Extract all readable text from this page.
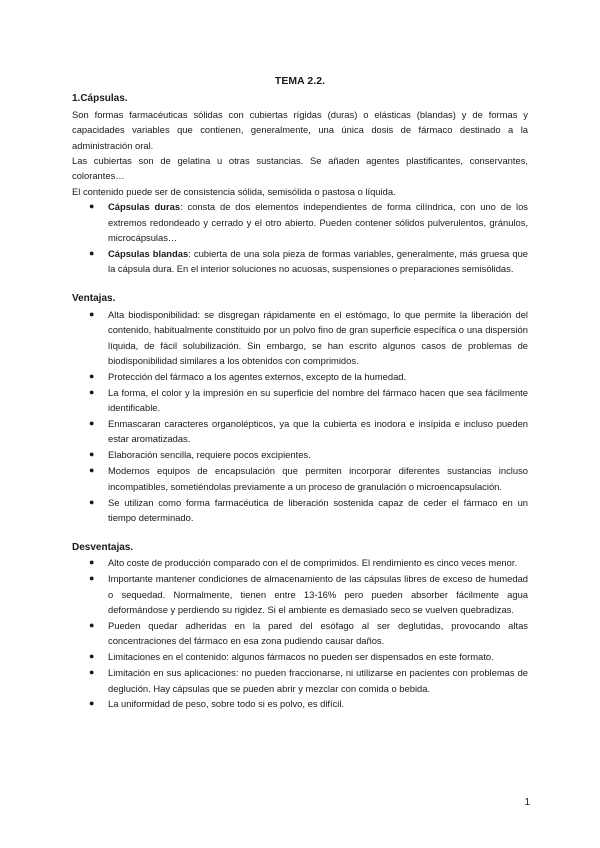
TEMA 2.2.

1.Cápsulas.

Son formas farmacéuticas sólidas con cubiertas rígidas (duras) o elásticas (blandas) y de formas y capacidades variables que contienen, generalmente, una única dosis de fármaco destinado a la administración oral.

Las cubiertas son de gelatina u otras sustancias. Se añaden agentes plastificantes, conservantes, colorantes…

El contenido puede ser de consistencia sólida, semisólida o pastosa o líquida.

● Cápsulas duras: consta de dos elementos independientes de forma cilíndrica, con uno de los extremos redondeado y cerrado y el otro abierto. Pueden contener sólidos pulverulentos, gránulos, microcápsulas…
● Cápsulas blandas: cubierta de una sola pieza de formas variables, generalmente, más gruesa que la cápsula dura. En el interior soluciones no acuosas, suspensiones o preparaciones semisólidas.

Ventajas.

● Alta biodisponibilidad: se disgregan rápidamente en el estómago, lo que permite la liberación del contenido, habitualmente constituido por un polvo fino de gran superficie específica o una dispersión líquida, de fácil solubilización. Sin embargo, se han escrito algunos casos de problemas de biodisponibilidad similares a los obtenidos con comprimidos.
● Protección del fármaco a los agentes externos, excepto de la humedad.
● La forma, el color y la impresión en su superficie del nombre del fármaco hacen que sea fácilmente identificable.
● Enmascaran caracteres organolépticos, ya que la cubierta es inodora e insípida e incluso pueden estar aromatizadas.
● Elaboración sencilla, requiere pocos excipientes.
● Modernos equipos de encapsulación que permiten incorporar diferentes sustancias incluso incompatibles, sometiéndolas previamente a un proceso de granulación o microencapsulación.
● Se utilizan como forma farmacéutica de liberación sostenida capaz de ceder el fármaco en un tiempo determinado.

Desventajas.

● Alto coste de producción comparado con el de comprimidos. El rendimiento es cinco veces menor.
● Importante mantener condiciones de almacenamiento de las cápsulas libres de exceso de humedad o sequedad. Normalmente, tienen entre 13-16% pero pueden absorber fácilmente agua deformándose y perdiendo su rigidez. Si el ambiente es demasiado seco se vuelven quebradizas.
● Pueden quedar adheridas en la pared del esófago al ser deglutidas, provocando altas concentraciones del fármaco en esa zona pudiendo causar daños.
● Limitaciones en el contenido: algunos fármacos no pueden ser dispensados en este formato.
● Limitación en sus aplicaciones: no pueden fraccionarse, ni utilizarse en pacientes con problemas de deglución. Hay cápsulas que se pueden abrir y mezclar con comida o bebida.
● La uniformidad de peso, sobre todo si es polvo, es difícil.
1
